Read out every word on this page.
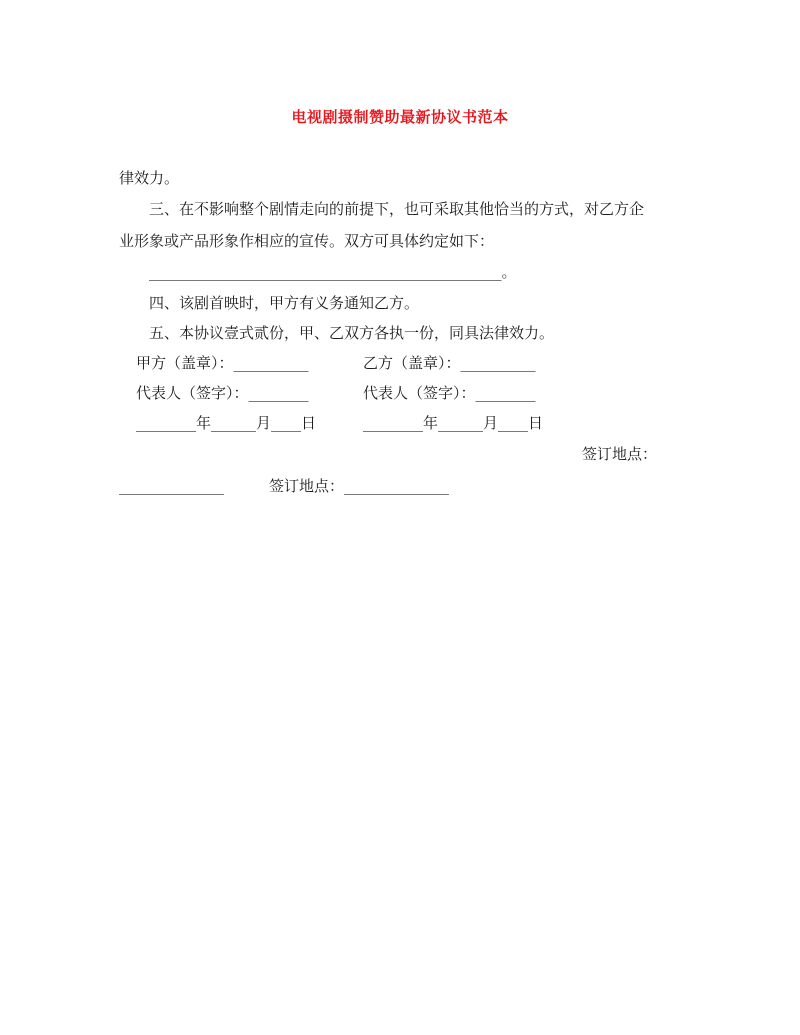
电视剧摄制赞助最新协议书范本
律效力。
三、在不影响整个剧情走向的前提下，也可采取其他恰当的方式，对乙方企
业形象或产品形象作相应的宣传。双方可具体约定如下：
_______________________________________________。
四、该剧首映时，甲方有义务通知乙方。
五、本协议壹式贰份，甲、乙双方各执一份，同具法律效力。
甲方（盖章）：__________	乙方（盖章）：__________
代表人（签字）：________	代表人（签字）：________
________年______月____日	________年______月____日
签订地点：
______________	签订地点：______________
